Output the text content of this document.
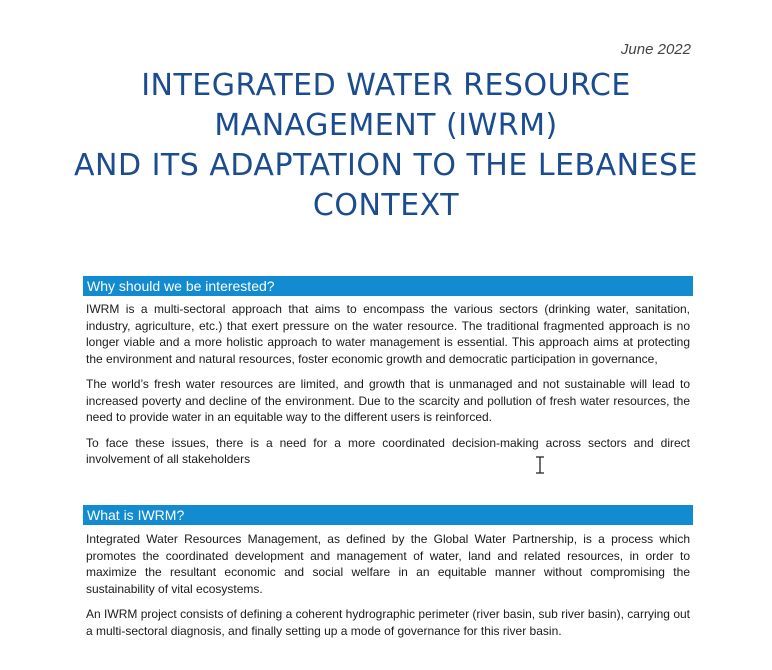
June 2022
INTEGRATED WATER RESOURCE
MANAGEMENT (IWRM)
AND ITS ADAPTATION TO THE LEBANESE
CONTEXT
Why should we be interested?

IWRM is a multi-sectoral approach that aims to encompass the various sectors (drinking water, sanitation, industry, agriculture, etc.) that exert pressure on the water resource. The traditional fragmented approach is no longer viable and a more holistic approach to water management is essential. This approach aims at protecting the environment and natural resources, foster economic growth and democratic participation in governance,

The world’s fresh water resources are limited, and growth that is unmanaged and not sustainable will lead to increased poverty and decline of the environment. Due to the scarcity and pollution of fresh water resources, the need to provide water in an equitable way to the different users is reinforced.

To face these issues, there is a need for a more coordinated decision-making across sectors and direct involvement of all stakeholders

What is IWRM?

Integrated Water Resources Management, as defined by the Global Water Partnership, is a process which promotes the coordinated development and management of water, land and related resources, in order to maximize the resultant economic and social welfare in an equitable manner without compromising the sustainability of vital ecosystems.

An IWRM project consists of defining a coherent hydrographic perimeter (river basin, sub river basin), carrying out a multi-sectoral diagnosis, and finally setting up a mode of governance for this river basin.
